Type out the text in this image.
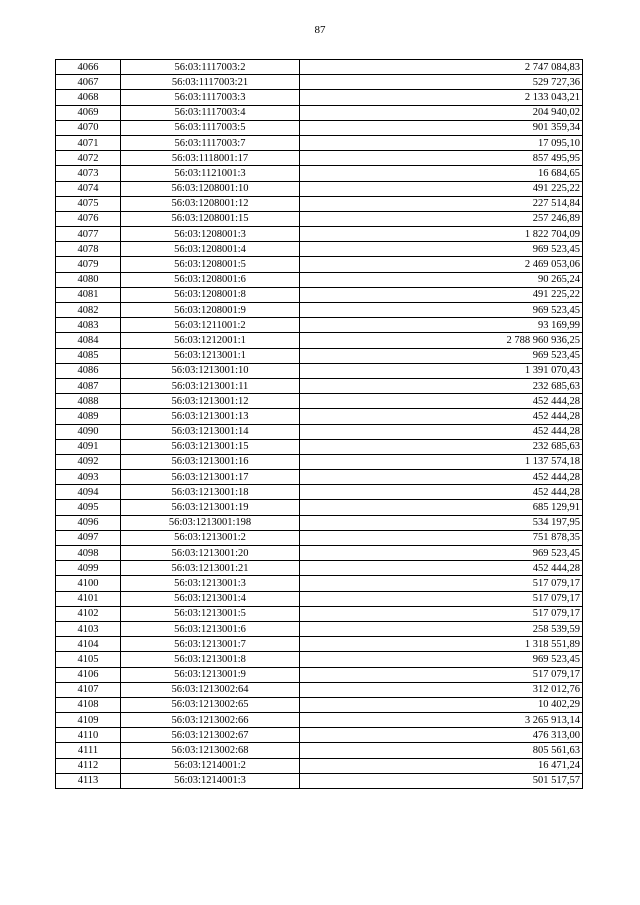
87
4066	56:03:1117003:2	2 747 084,83
4067	56:03:1117003:21	529 727,36
4068	56:03:1117003:3	2 133 043,21
4069	56:03:1117003:4	204 940,02
4070	56:03:1117003:5	901 359,34
4071	56:03:1117003:7	17 095,10
4072	56:03:1118001:17	857 495,95
4073	56:03:1121001:3	16 684,65
4074	56:03:1208001:10	491 225,22
4075	56:03:1208001:12	227 514,84
4076	56:03:1208001:15	257 246,89
4077	56:03:1208001:3	1 822 704,09
4078	56:03:1208001:4	969 523,45
4079	56:03:1208001:5	2 469 053,06
4080	56:03:1208001:6	90 265,24
4081	56:03:1208001:8	491 225,22
4082	56:03:1208001:9	969 523,45
4083	56:03:1211001:2	93 169,99
4084	56:03:1212001:1	2 788 960 936,25
4085	56:03:1213001:1	969 523,45
4086	56:03:1213001:10	1 391 070,43
4087	56:03:1213001:11	232 685,63
4088	56:03:1213001:12	452 444,28
4089	56:03:1213001:13	452 444,28
4090	56:03:1213001:14	452 444,28
4091	56:03:1213001:15	232 685,63
4092	56:03:1213001:16	1 137 574,18
4093	56:03:1213001:17	452 444,28
4094	56:03:1213001:18	452 444,28
4095	56:03:1213001:19	685 129,91
4096	56:03:1213001:198	534 197,95
4097	56:03:1213001:2	751 878,35
4098	56:03:1213001:20	969 523,45
4099	56:03:1213001:21	452 444,28
4100	56:03:1213001:3	517 079,17
4101	56:03:1213001:4	517 079,17
4102	56:03:1213001:5	517 079,17
4103	56:03:1213001:6	258 539,59
4104	56:03:1213001:7	1 318 551,89
4105	56:03:1213001:8	969 523,45
4106	56:03:1213001:9	517 079,17
4107	56:03:1213002:64	312 012,76
4108	56:03:1213002:65	10 402,29
4109	56:03:1213002:66	3 265 913,14
4110	56:03:1213002:67	476 313,00
4111	56:03:1213002:68	805 561,63
4112	56:03:1214001:2	16 471,24
4113	56:03:1214001:3	501 517,57
